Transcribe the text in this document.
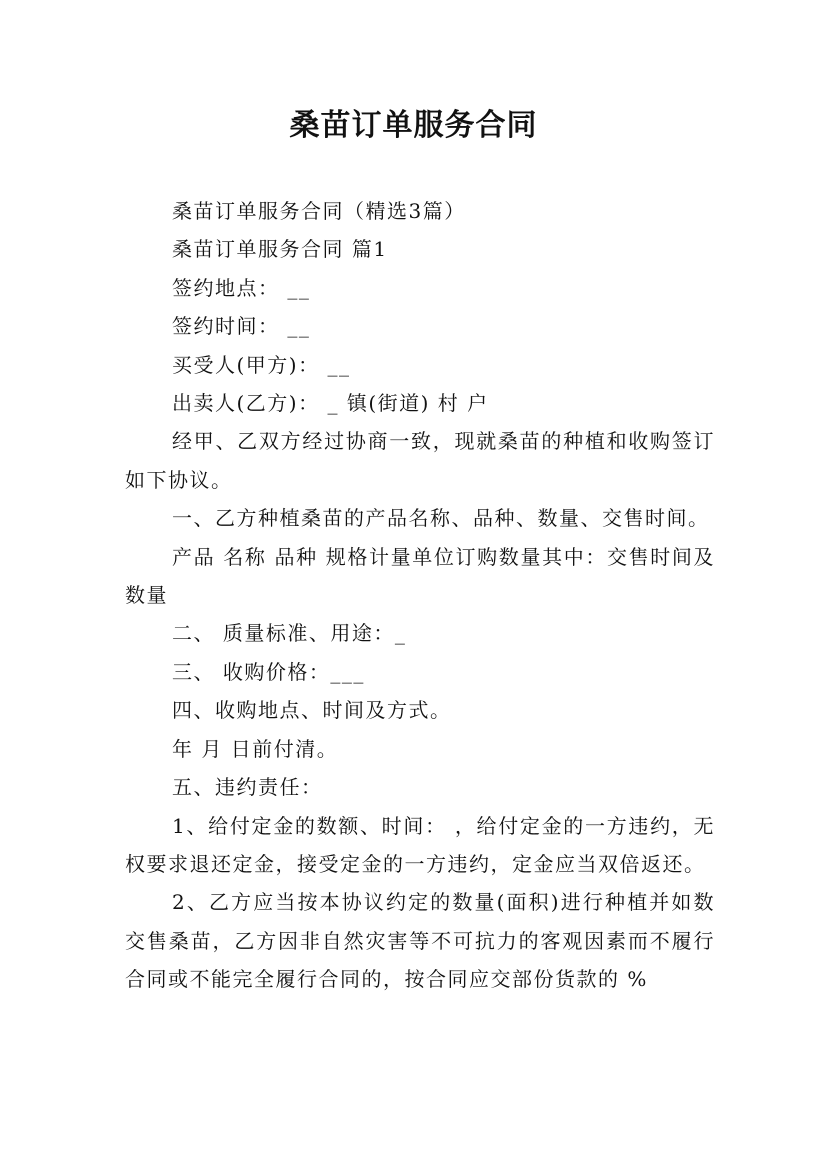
桑苗订单服务合同

桑苗订单服务合同（精选3篇）

桑苗订单服务合同 篇1

签约地点： __

签约时间： __

买受人(甲方)： __

出卖人(乙方)： _ 镇(街道) 村 户

经甲、乙双方经过协商一致，现就桑苗的种植和收购签订如下协议。

一、乙方种植桑苗的产品名称、品种、数量、交售时间。

产品 名称 品种 规格计量单位订购数量其中：交售时间及数量

二、 质量标准、用途：_

三、 收购价格：___

四、收购地点、时间及方式。

年 月 日前付清。

五、违约责任：

1、给付定金的数额、时间： ，给付定金的一方违约，无权要求退还定金，接受定金的一方违约，定金应当双倍返还。

2、乙方应当按本协议约定的数量(面积)进行种植并如数交售桑苗，乙方因非自然灾害等不可抗力的客观因素而不履行合同或不能完全履行合同的，按合同应交部份货款的 %
